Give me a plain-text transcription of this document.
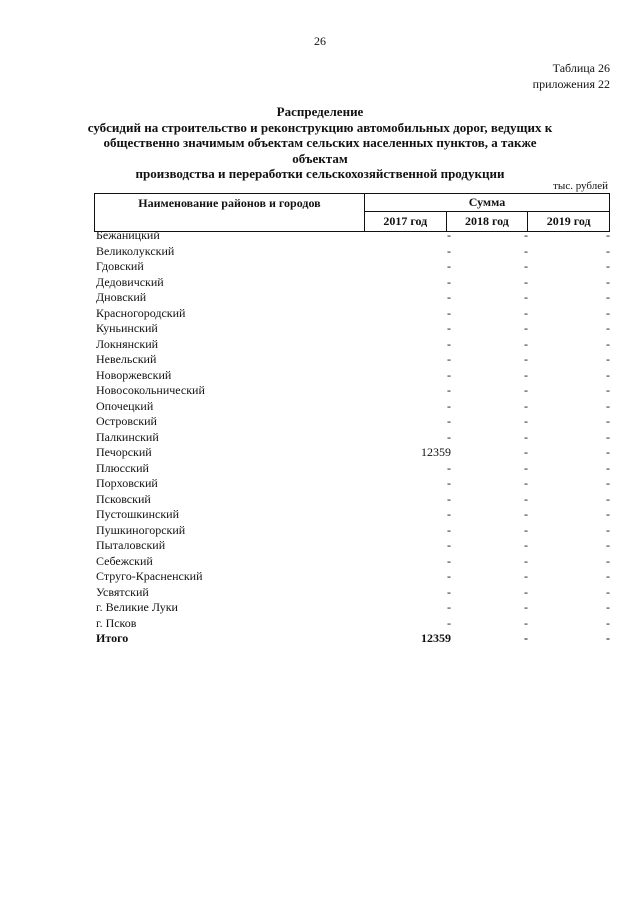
26
Таблица 26
приложения 22
Распределение
субсидий на строительство и реконструкцию автомобильных дорог, ведущих к
общественно значимым объектам сельских населенных пунктов, а также объектам
производства и переработки сельскохозяйственной продукции
тыс. рублей
Наименование районов и городов	Сумма		
	2017 год	2018 год	2019 год
Бежаницкий	-	-	-
Великолукский	-	-	-
Гдовский	-	-	-
Дедовичский	-	-	-
Дновский	-	-	-
Красногородский	-	-	-
Куньинский	-	-	-
Локнянский	-	-	-
Невельский	-	-	-
Новоржевский	-	-	-
Новосокольнический	-	-	-
Опочецкий	-	-	-
Островский	-	-	-
Палкинский	-	-	-
Печорский	12359	-	-
Плюсский	-	-	-
Порховский	-	-	-
Псковский	-	-	-
Пустошкинский	-	-	-
Пушкиногорский	-	-	-
Пыталовский	-	-	-
Себежский	-	-	-
Струго-Красненский	-	-	-
Усвятский	-	-	-
г. Великие Луки	-	-	-
г. Псков	-	-	-
Итого	12359	-	-
